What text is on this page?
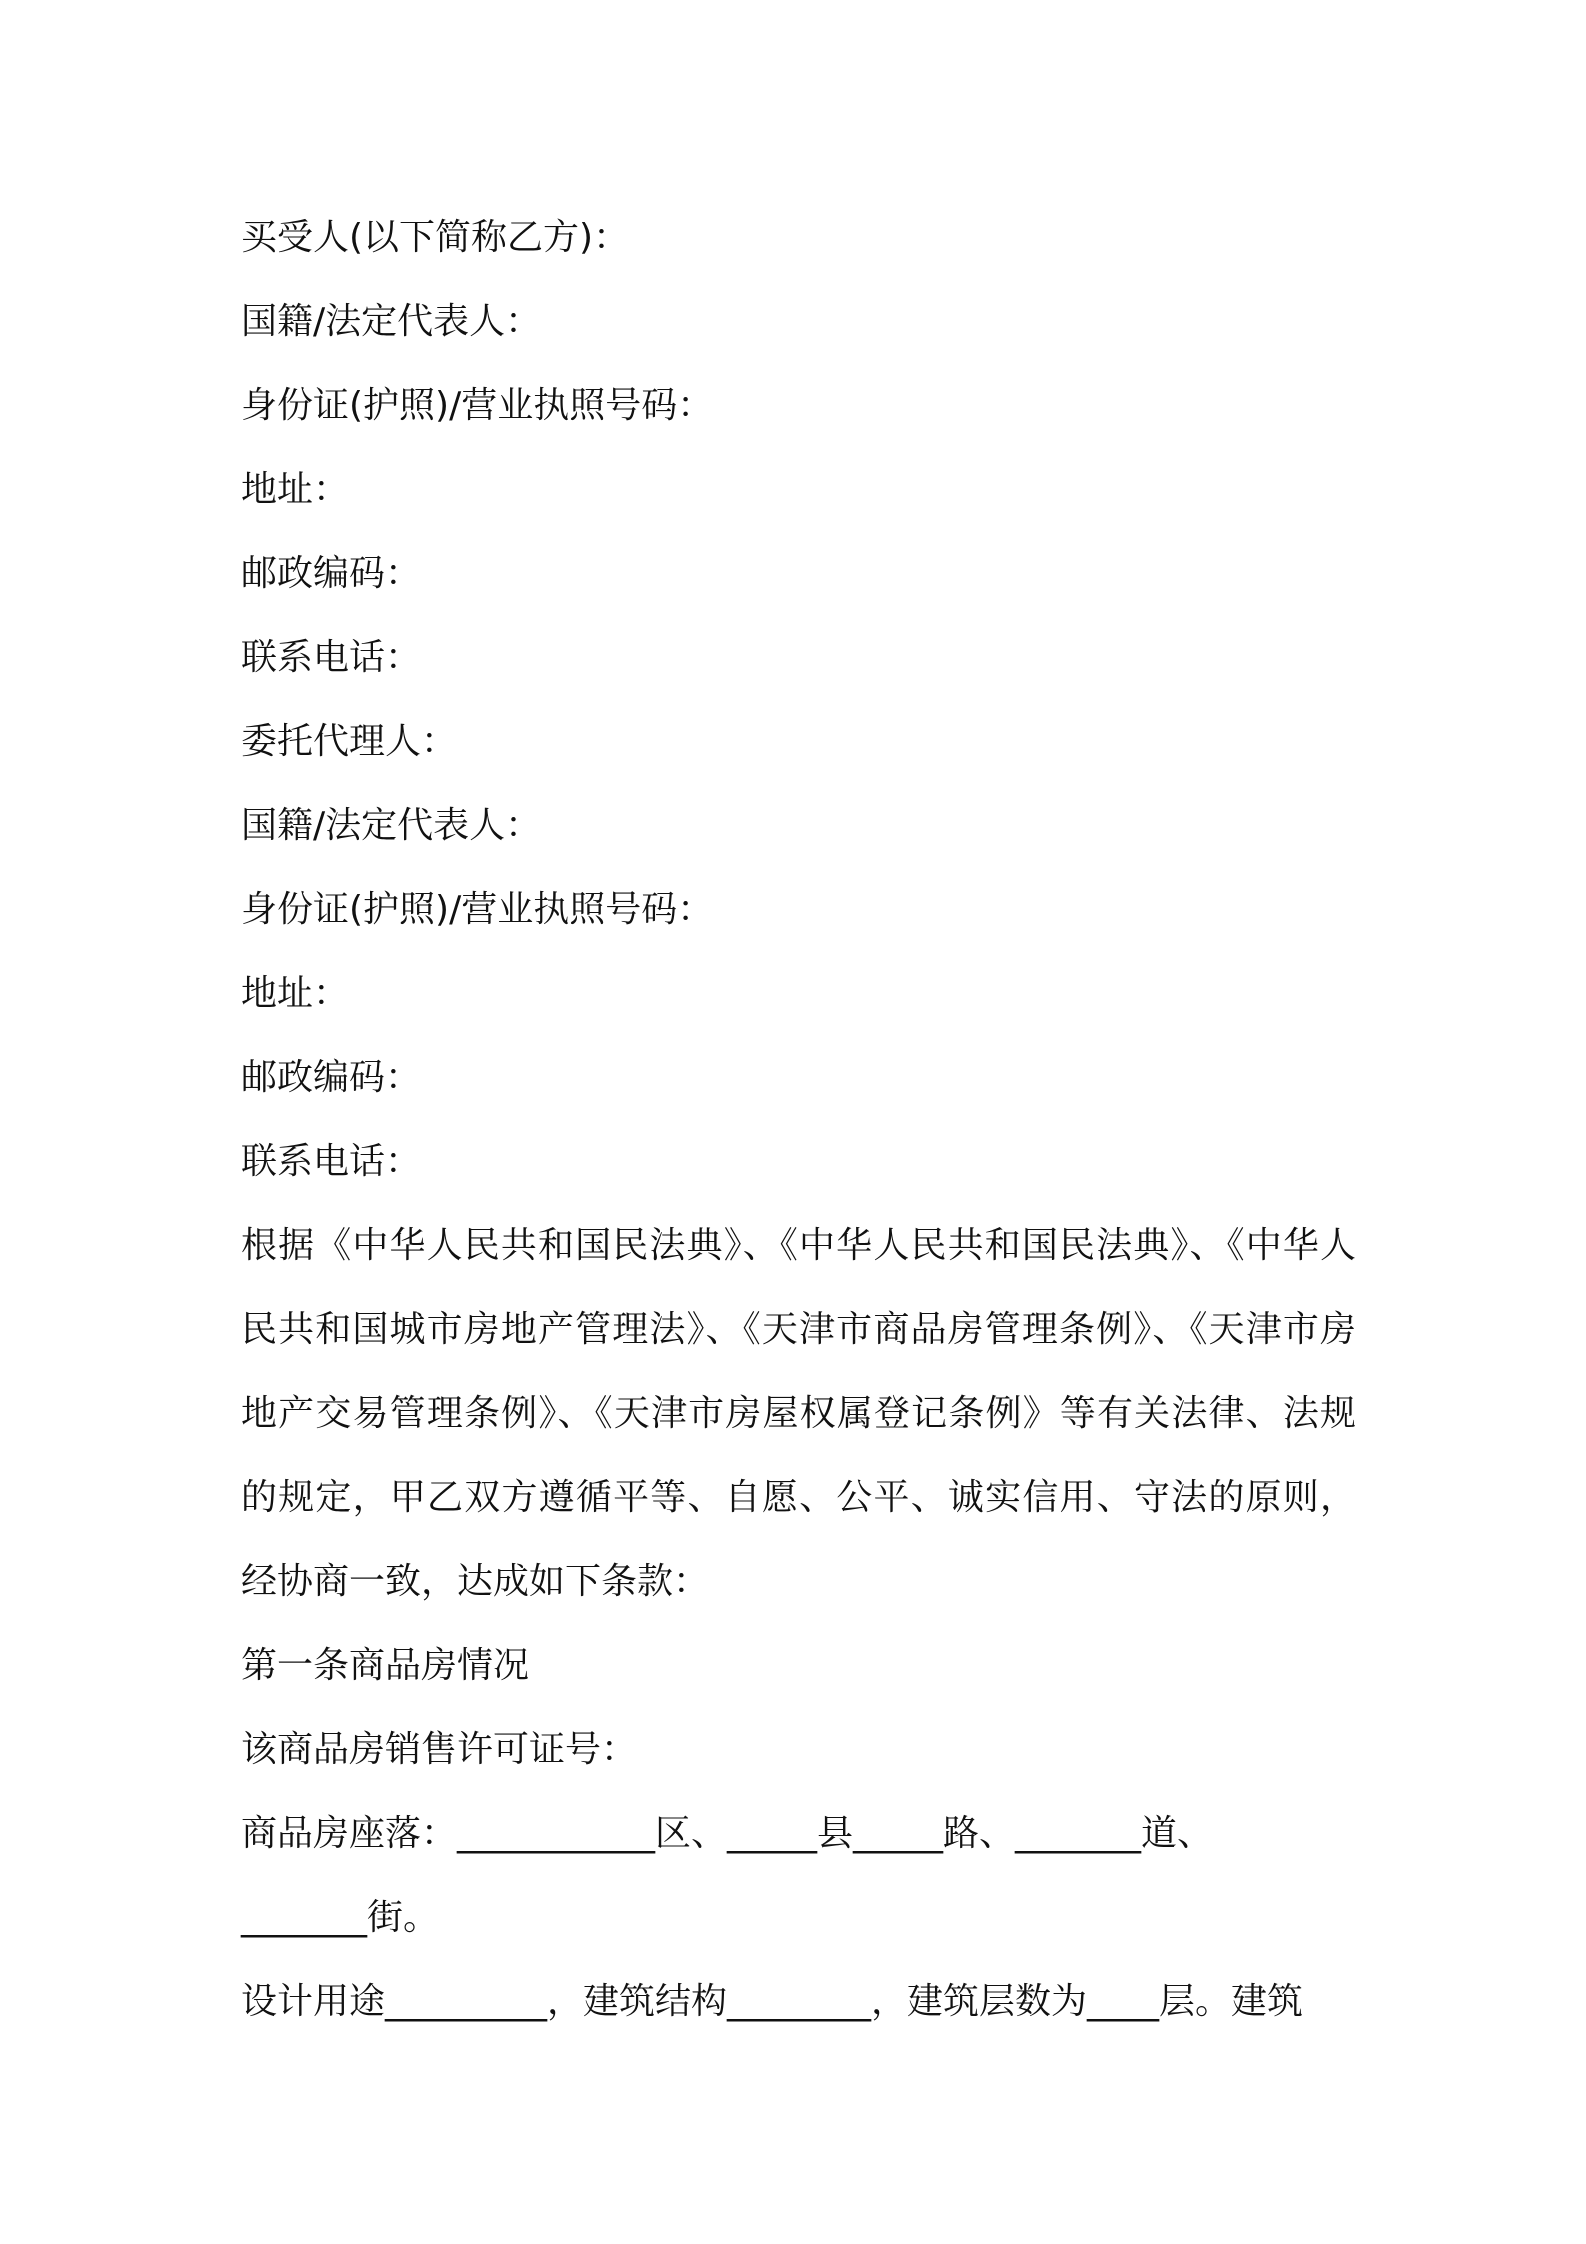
买受人(以下简称乙方)：
国籍/法定代表人：
身份证(护照)/营业执照号码：
地址：
邮政编码：
联系电话：
委托代理人：
国籍/法定代表人：
身份证(护照)/营业执照号码：
地址：
邮政编码：
联系电话：
根据《中华人民共和国民法典》、《中华人民共和国民法典》、《中华人民共和国城市房地产管理法》、《天津市商品房管理条例》、《天津市房地产交易管理条例》、《天津市房屋权属登记条例》等有关法律、法规的规定，甲乙双方遵循平等、自愿、公平、诚实信用、守法的原则，经协商一致，达成如下条款：
第一条商品房情况
该商品房销售许可证号：
商品房座落：___________区、_____县_____路、_______道、
_______街。
设计用途_________，建筑结构________，建筑层数为____层。建筑
